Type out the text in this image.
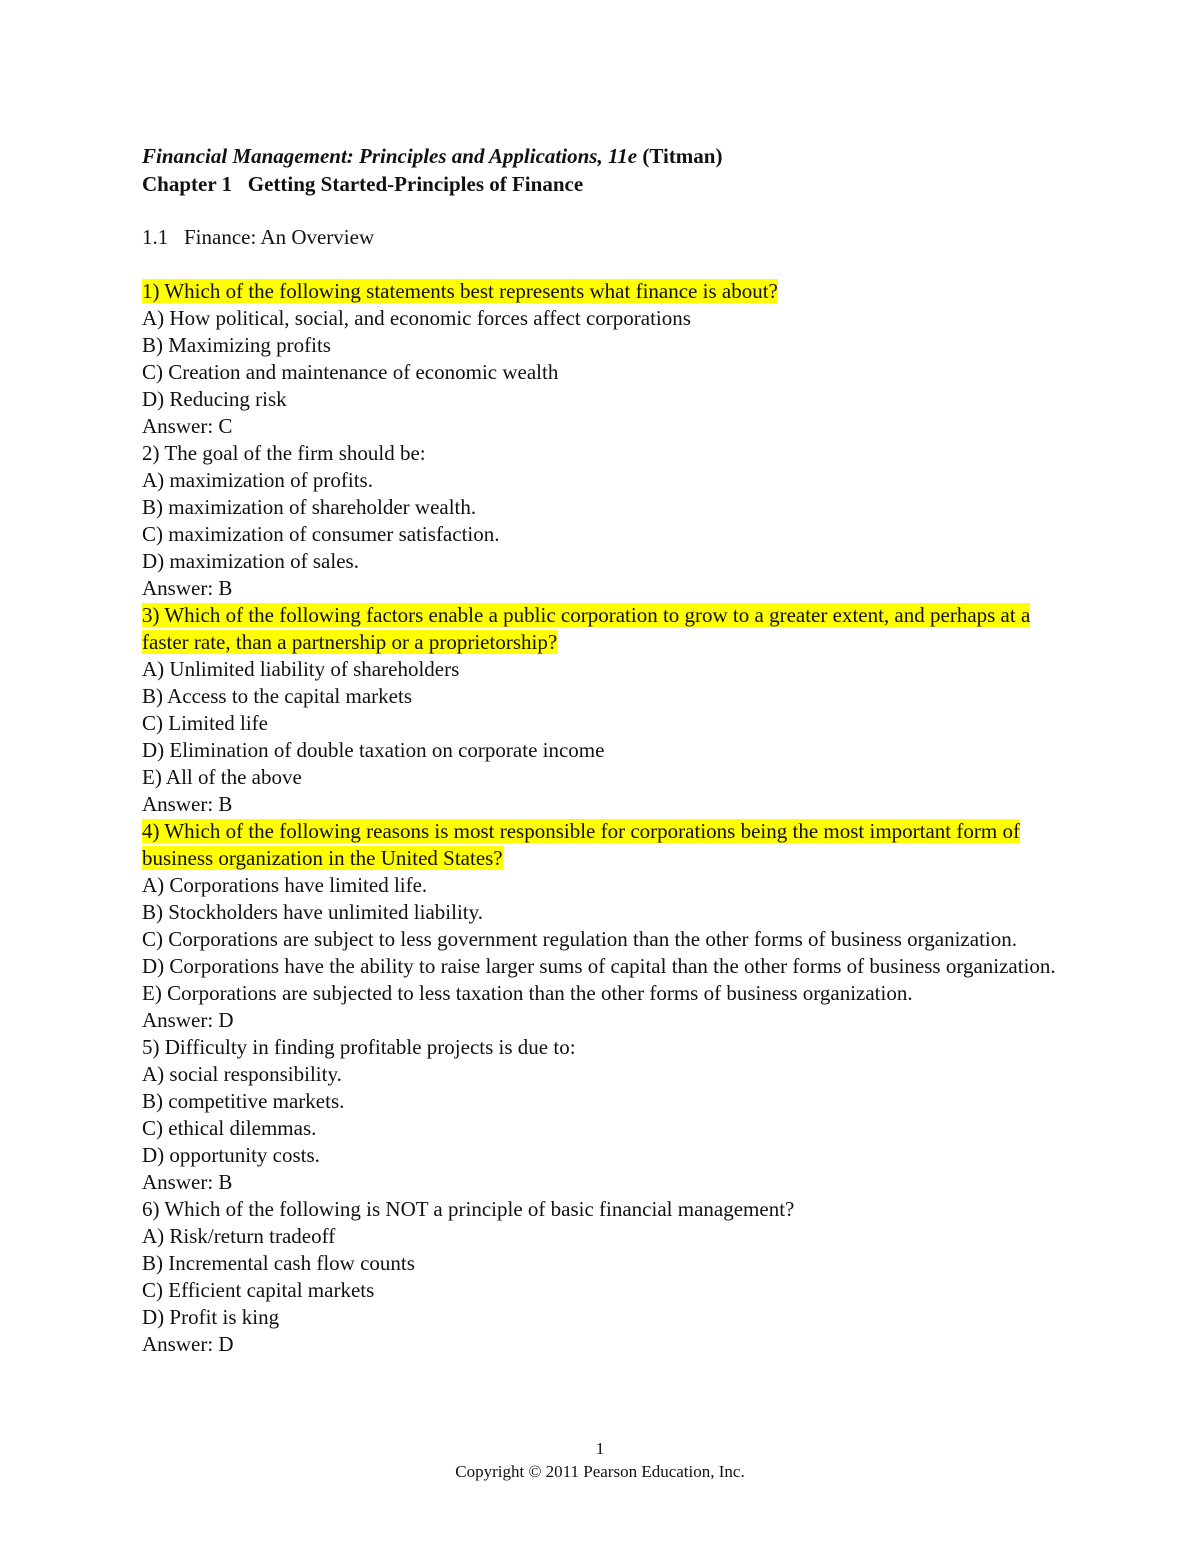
Financial Management: Principles and Applications, 11e (Titman)

Chapter 1   Getting Started-Principles of Finance

1.1   Finance: An Overview

1) Which of the following statements best represents what finance is about?

A) How political, social, and economic forces affect corporations

B) Maximizing profits

C) Creation and maintenance of economic wealth

D) Reducing risk

Answer: C

2) The goal of the firm should be:

A) maximization of profits.

B) maximization of shareholder wealth.

C) maximization of consumer satisfaction.

D) maximization of sales.

Answer: B

3) Which of the following factors enable a public corporation to grow to a greater extent, and perhaps at a faster rate, than a partnership or a proprietorship?

A) Unlimited liability of shareholders

B) Access to the capital markets

C) Limited life

D) Elimination of double taxation on corporate income

E) All of the above

Answer: B

4) Which of the following reasons is most responsible for corporations being the most important form of business organization in the United States?

A) Corporations have limited life.

B) Stockholders have unlimited liability.

C) Corporations are subject to less government regulation than the other forms of business organization.

D) Corporations have the ability to raise larger sums of capital than the other forms of business organization.

E) Corporations are subjected to less taxation than the other forms of business organization.

Answer: D

5) Difficulty in finding profitable projects is due to:

A) social responsibility.

B) competitive markets.

C) ethical dilemmas.

D) opportunity costs.

Answer: B

6) Which of the following is NOT a principle of basic financial management?

A) Risk/return tradeoff

B) Incremental cash flow counts

C) Efficient capital markets

D) Profit is king

Answer: D

1
Copyright © 2011 Pearson Education, Inc.
